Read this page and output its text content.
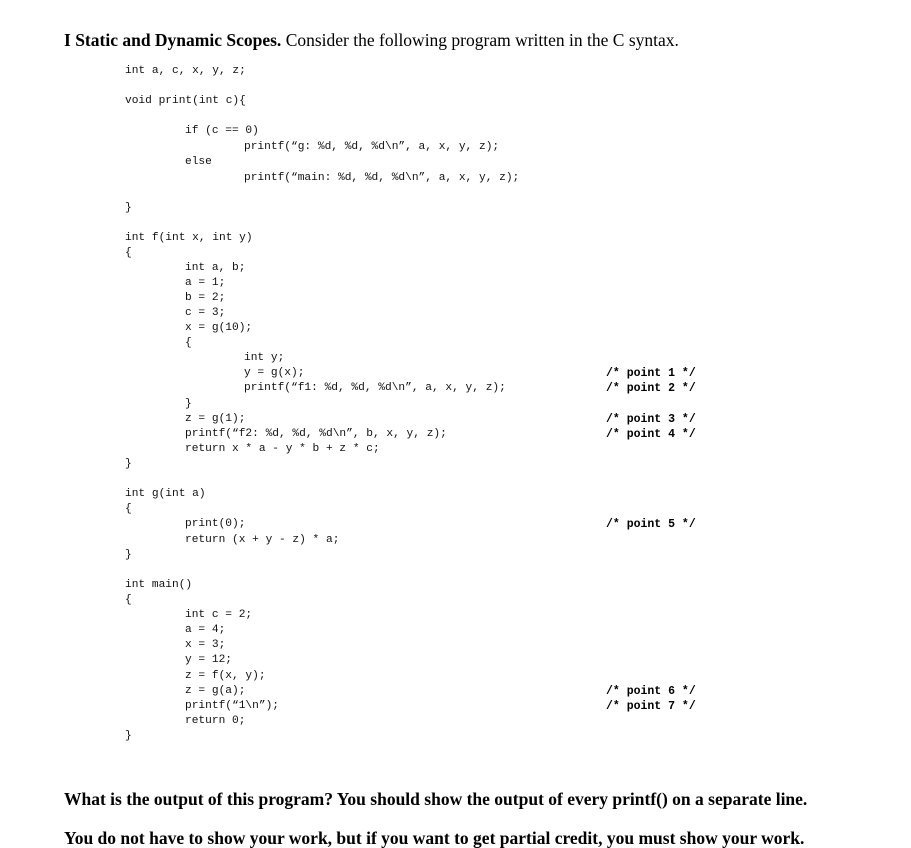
I Static and Dynamic Scopes. Consider the following program written in the C syntax.
int a, c, x, y, z;
void print(int c){
if (c == 0)
printf(“g: %d, %d, %d\n”, a, x, y, z);
else
printf(“main: %d, %d, %d\n”, a, x, y, z);
}
int f(int x, int y)
{
int a, b;
a = 1;
b = 2;
c = 3;
x = g(10);
{
int y;
y = g(x);
printf(“f1: %d, %d, %d\n”, a, x, y, z);
}
z = g(1);
printf(“f2: %d, %d, %d\n”, b, x, y, z);
return x * a - y * b + z * c;
}
int g(int a)
{
print(0);
return (x + y - z) * a;
}
int main()
{
int c = 2;
a = 4;
x = 3;
y = 12;
z = f(x, y);
z = g(a);
printf(“1\n”);
return 0;
}
/* point 1 */
/* point 2 */
/* point 3 */
/* point 4 */
/* point 5 */
/* point 6 */
/* point 7 */
What is the output of this program? You should show the output of every printf() on a separate line.
You do not have to show your work, but if you want to get partial credit, you must show your work.
